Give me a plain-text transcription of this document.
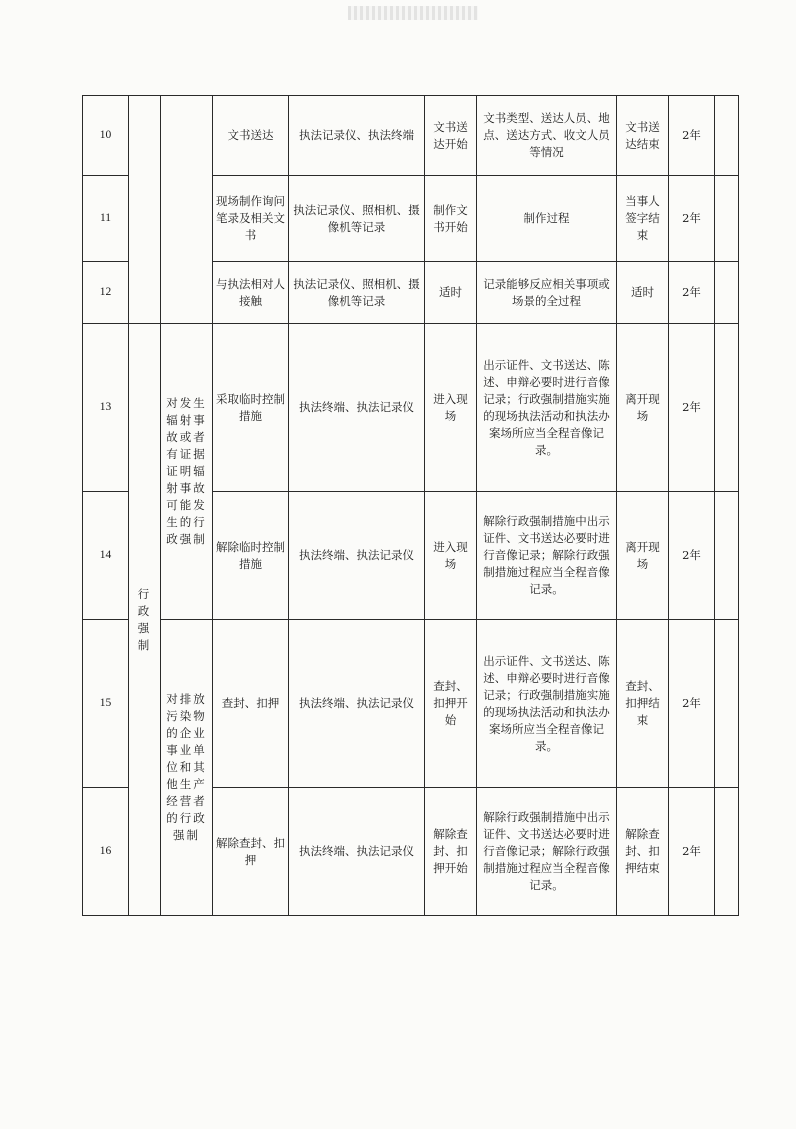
10			文书送达	执法记录仪、执法终端	文书送达开始	文书类型、送达人员、地点、送达方式、收文人员等情况	文书送达结束	2年	
11			现场制作询问笔录及相关文书	执法记录仪、照相机、摄像机等记录	制作文书开始	制作过程	当事人签字结束	2年	
12			与执法相对人接触	执法记录仪、照相机、摄像机等记录	适时	记录能够反应相关事项或场景的全过程	适时	2年	
13	行政强制	对发生辐射事故或者有证据证明辐射事故可能发生的行政强制	采取临时控制措施	执法终端、执法记录仪	进入现场	出示证件、文书送达、陈述、申辩必要时进行音像记录；行政强制措施实施的现场执法活动和执法办案场所应当全程音像记录。	离开现场	2年	
14			解除临时控制措施	执法终端、执法记录仪	进入现场	解除行政强制措施中出示证件、文书送达必要时进行音像记录；解除行政强制措施过程应当全程音像记录。	离开现场	2年	
15		对排放污染物的企业事业单位和其他生产经营者的行政强制	查封、扣押	执法终端、执法记录仪	查封、扣押开始	出示证件、文书送达、陈述、申辩必要时进行音像记录；行政强制措施实施的现场执法活动和执法办案场所应当全程音像记录。	查封、扣押结束	2年	
16			解除查封、扣押	执法终端、执法记录仪	解除查封、扣押开始	解除行政强制措施中出示证件、文书送达必要时进行音像记录；解除行政强制措施过程应当全程音像记录。	解除查封、扣押结束	2年	
